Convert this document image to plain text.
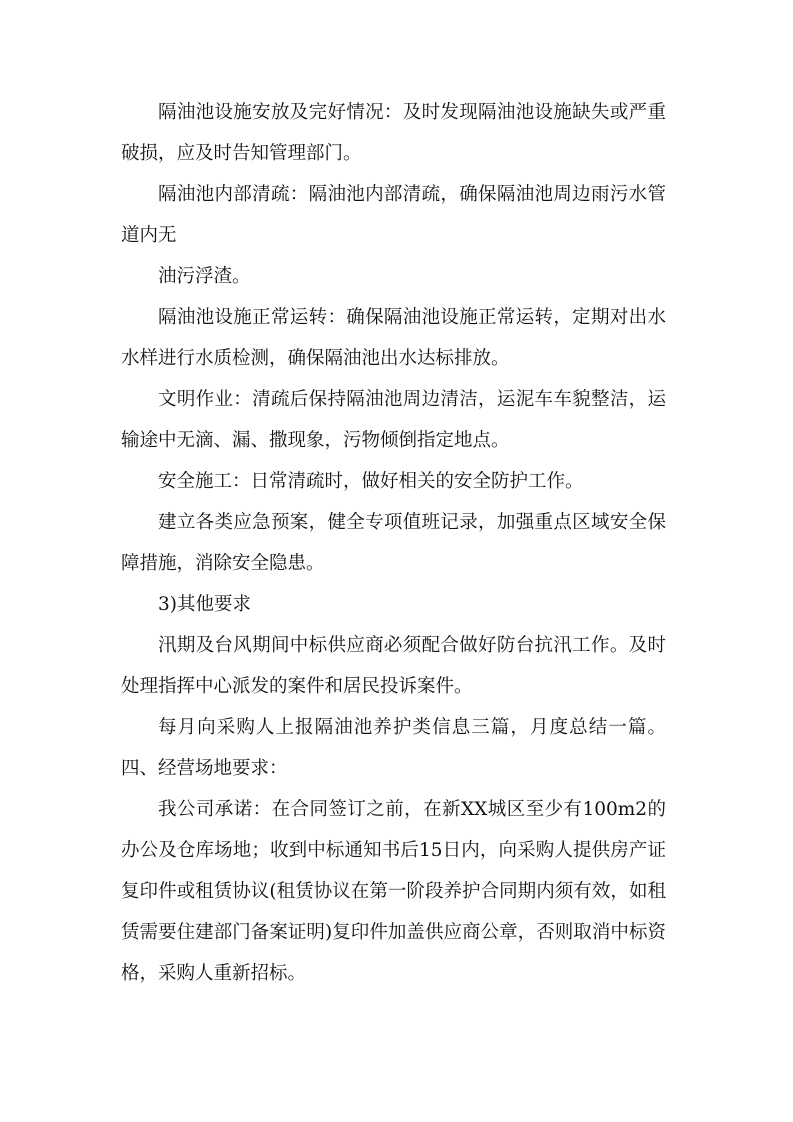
隔油池设施安放及完好情况：及时发现隔油池设施缺失或严重破损，应及时告知管理部门。

隔油池内部清疏：隔油池内部清疏，确保隔油池周边雨污水管道内无

油污浮渣。

隔油池设施正常运转：确保隔油池设施正常运转，定期对出水水样进行水质检测，确保隔油池出水达标排放。

文明作业：清疏后保持隔油池周边清洁，运泥车车貌整洁，运输途中无滴、漏、撒现象，污物倾倒指定地点。

安全施工：日常清疏时，做好相关的安全防护工作。

建立各类应急预案，健全专项值班记录，加强重点区域安全保障措施，消除安全隐患。

3)其他要求

汛期及台风期间中标供应商必须配合做好防台抗汛工作。及时处理指挥中心派发的案件和居民投诉案件。

每月向采购人上报隔油池养护类信息三篇，月度总结一篇。四、经营场地要求：

我公司承诺：在合同签订之前，在新XX城区至少有100m2的办公及仓库场地；收到中标通知书后15日内，向采购人提供房产证复印件或租赁协议(租赁协议在第一阶段养护合同期内须有效，如租赁需要住建部门备案证明)复印件加盖供应商公章，否则取消中标资格，采购人重新招标。
